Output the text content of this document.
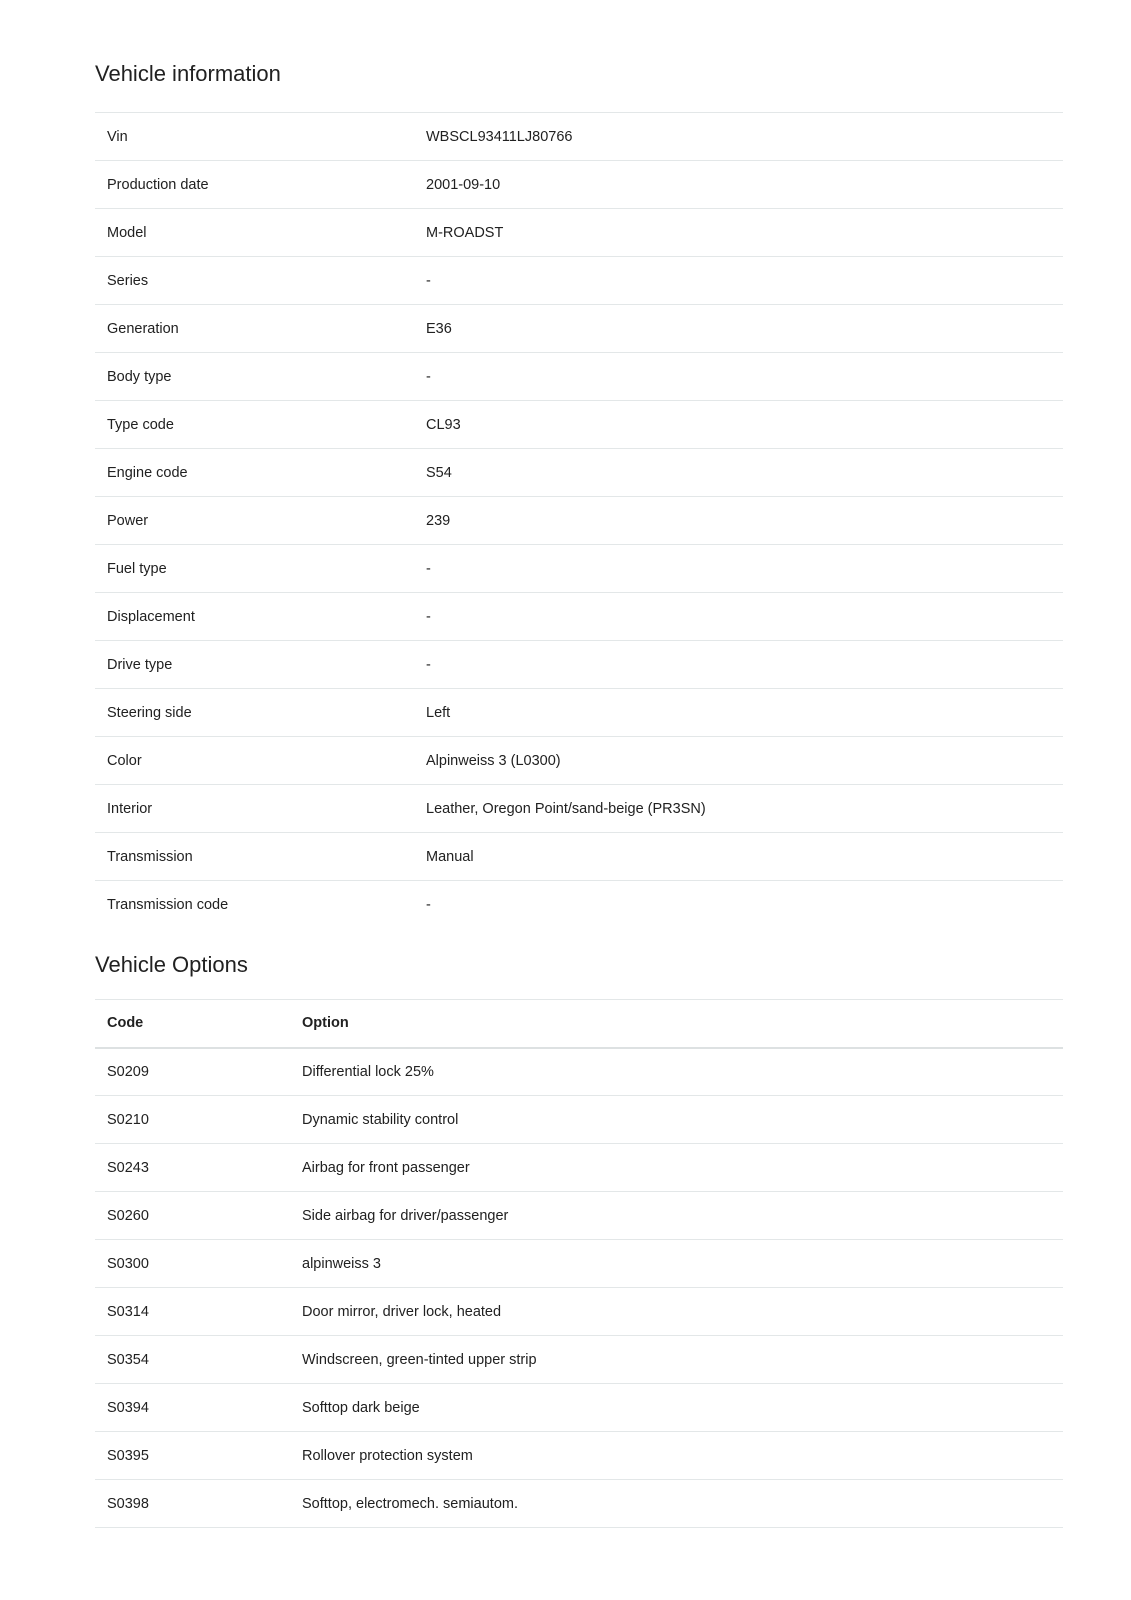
Vehicle information
Vin	WBSCL93411LJ80766
Production date	2001-09-10
Model	M-ROADST
Series	-
Generation	E36
Body type	-
Type code	CL93
Engine code	S54
Power	239
Fuel type	-
Displacement	-
Drive type	-
Steering side	Left
Color	Alpinweiss 3 (L0300)
Interior	Leather, Oregon Point/sand-beige (PR3SN)
Transmission	Manual
Transmission code	-
Vehicle Options
Code	Option
S0209	Differential lock 25%
S0210	Dynamic stability control
S0243	Airbag for front passenger
S0260	Side airbag for driver/passenger
S0300	alpinweiss 3
S0314	Door mirror, driver lock, heated
S0354	Windscreen, green-tinted upper strip
S0394	Softtop dark beige
S0395	Rollover protection system
S0398	Softtop, electromech. semiautom.
